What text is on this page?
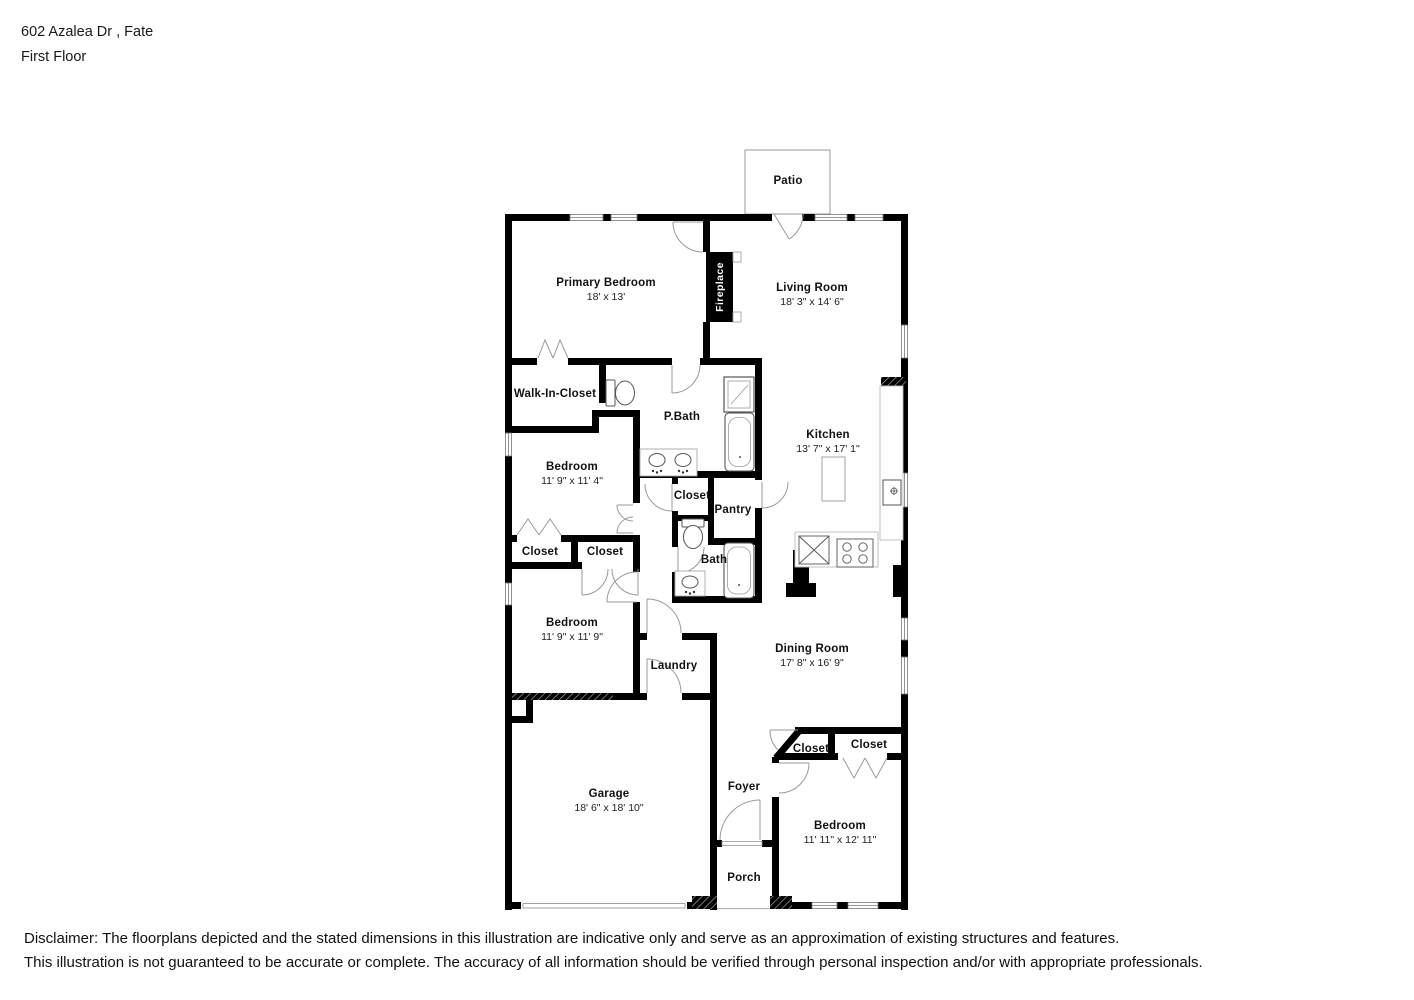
602 Azalea Dr , Fate
First Floor
Patio
Primary Bedroom
18' x 13'
Living Room
18' 3" x 14' 6"
Fireplace
Walk-In-Closet
P.Bath
Kitchen
13' 7" x 17' 1"
Bedroom
11' 9" x 11' 4"
Closet
Pantry
Closet Closet
Bath
Bedroom
11' 9" x 11' 9"
Laundry
Dining Room
17' 8" x 16' 9"
Garage
18' 6" x 18' 10"
Foyer
Closet Closet
Bedroom
11' 11" x 12' 11"
Porch
Disclaimer: The floorplans depicted and the stated dimensions in this illustration are indicative only and serve as an approximation of existing structures and features.
This illustration is not guaranteed to be accurate or complete. The accuracy of all information should be verified through personal inspection and/or with appropriate professionals.
